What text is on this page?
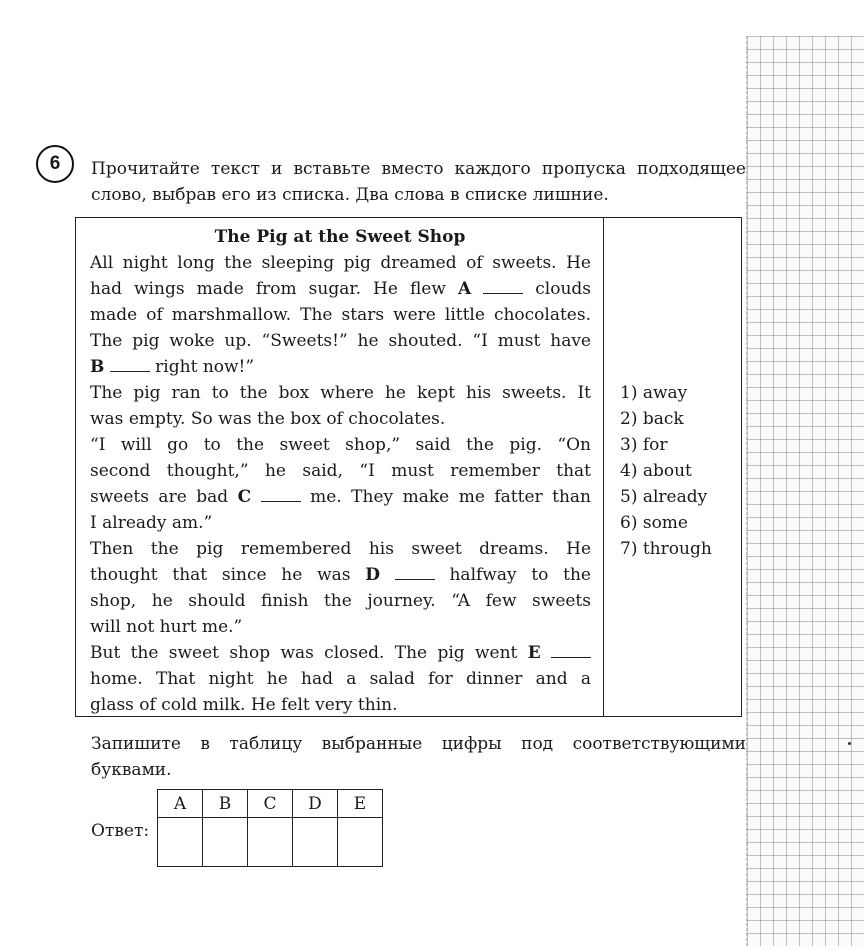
6 Прочитайте текст и вставьте вместо каждого пропуска подходящее
слово, выбрав его из списка. Два слова в списке лишние.
The Pig at the Sweet Shop
All night long the sleeping pig dreamed of sweets. He
had wings made from sugar. He flew A	clouds
made of marshmallow. The stars were little chocolates.
The pig woke up. “Sweets!” he shouted. “I must have
B	right now!”
The pig ran to the box where he kept his sweets. It
was empty. So was the box of chocolates.
“I will go to the sweet shop,” said the pig. “On
second thought,” he said, “I must remember that
sweets are bad C	me. They make me fatter than
I already am.”
Then the pig remembered his sweet dreams. He
thought that since he was D	halfway to the
shop, he should finish the journey. “A few sweets
will not hurt me.”
But the sweet shop was closed. The pig went E
home. That night he had a salad for dinner and a
glass of cold milk. He felt very thin.
1) away
2) back
3) for
4) about
5) already
6) some
7) through
Запишите в таблицу выбранные цифры под соответствующими
буквами.
Ответ:
A	B	C	D	E
